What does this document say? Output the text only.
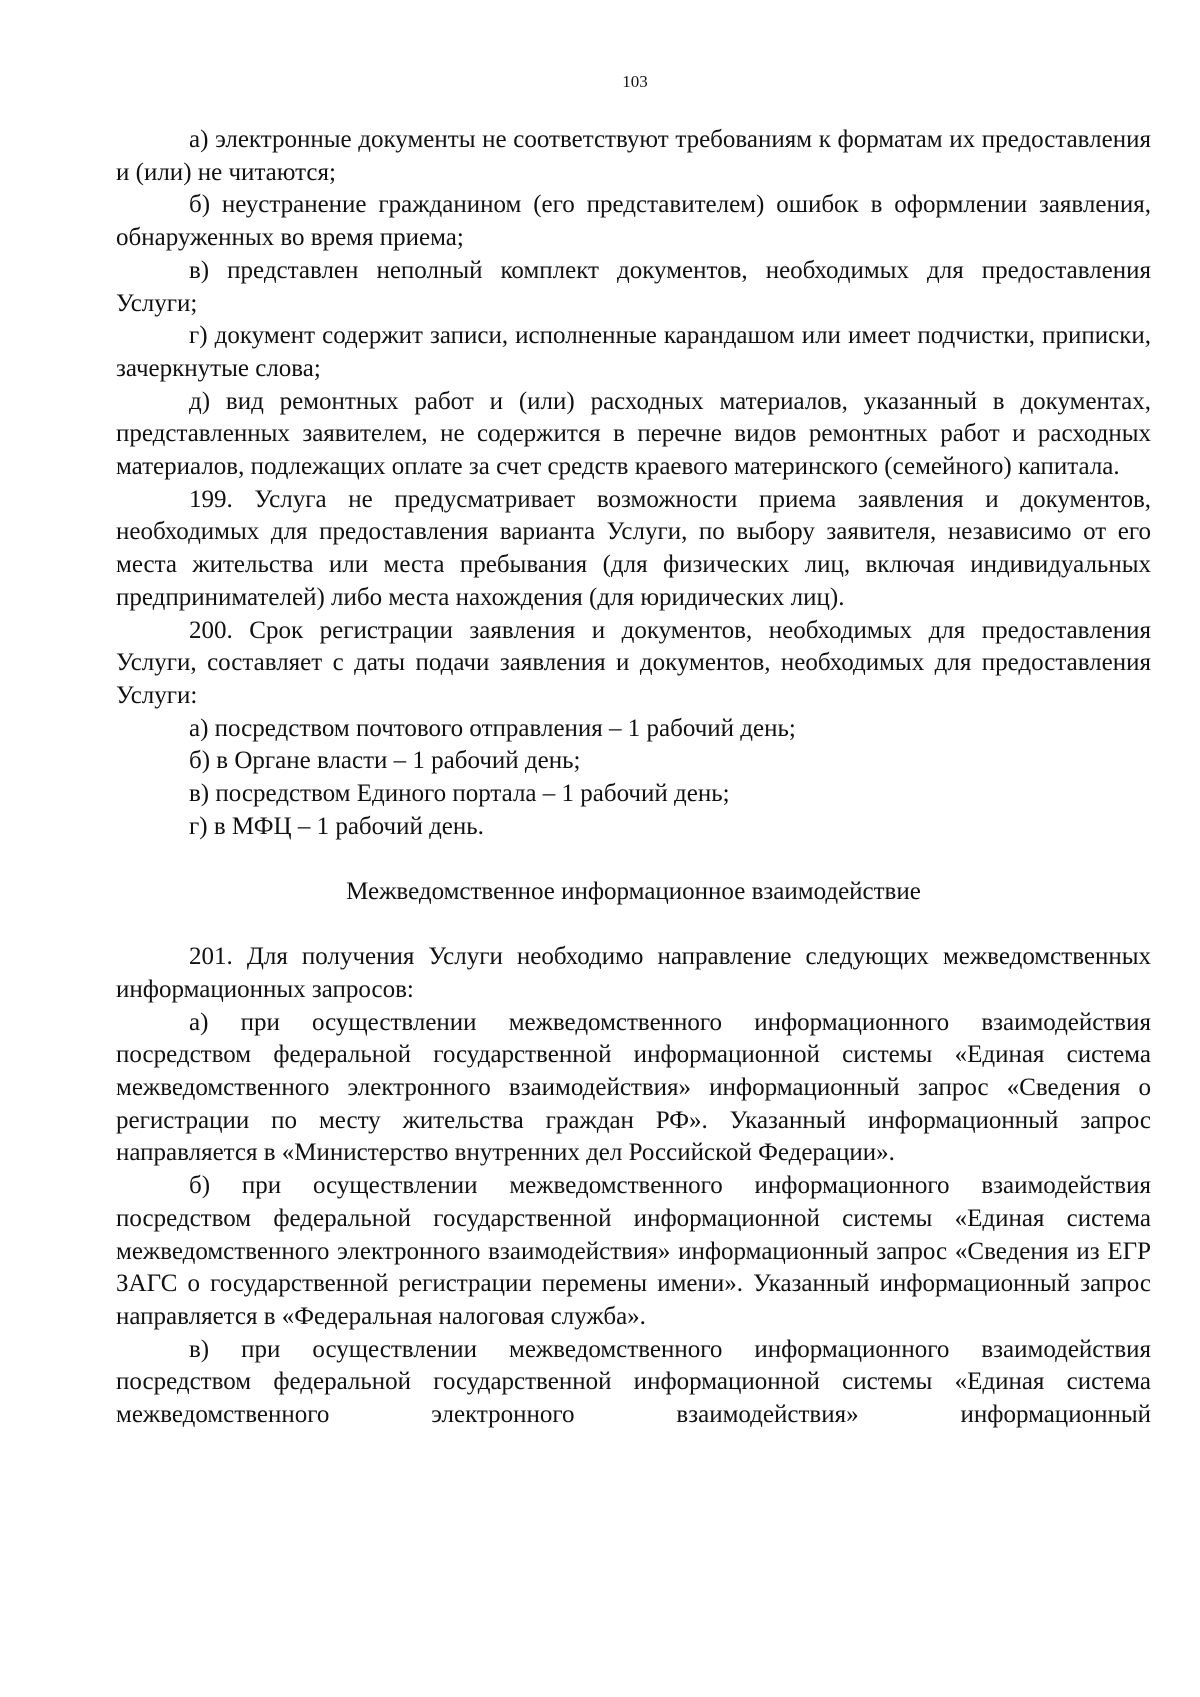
103

а) электронные документы не соответствуют требованиям к форматам их предоставления и (или) не читаются;

б) неустранение гражданином (его представителем) ошибок в оформлении заявления, обнаруженных во время приема;

в) представлен неполный комплект документов, необходимых для предоставления Услуги;

г) документ содержит записи, исполненные карандашом или имеет подчистки, приписки, зачеркнутые слова;

д) вид ремонтных работ и (или) расходных материалов, указанный в документах, представленных заявителем, не содержится в перечне видов ремонтных работ и расходных материалов, подлежащих оплате за счет средств краевого материнского (семейного) капитала.

199. Услуга не предусматривает возможности приема заявления и документов, необходимых для предоставления варианта Услуги, по выбору заявителя, независимо от его места жительства или места пребывания (для физических лиц, включая индивидуальных предпринимателей) либо места нахождения (для юридических лиц).

200. Срок регистрации заявления и документов, необходимых для предоставления Услуги, составляет с даты подачи заявления и документов, необходимых для предоставления Услуги:

а) посредством почтового отправления – 1 рабочий день;

б) в Органе власти – 1 рабочий день;

в) посредством Единого портала – 1 рабочий день;

г) в МФЦ – 1 рабочий день.

Межведомственное информационное взаимодействие

201. Для получения Услуги необходимо направление следующих межведомственных информационных запросов:

а) при осуществлении межведомственного информационного взаимодействия посредством федеральной государственной информационной системы «Единая система межведомственного электронного взаимодействия» информационный запрос «Сведения о регистрации по месту жительства граждан РФ». Указанный информационный запрос направляется в «Министерство внутренних дел Российской Федерации».

б) при осуществлении межведомственного информационного взаимодействия посредством федеральной государственной информационной системы «Единая система межведомственного электронного взаимодействия» информационный запрос «Сведения из ЕГР ЗАГС о государственной регистрации перемены имени». Указанный информационный запрос направляется в «Федеральная налоговая служба».

в) при осуществлении межведомственного информационного взаимодействия посредством федеральной государственной информационной системы «Единая система межведомственного электронного взаимодействия» информационный
